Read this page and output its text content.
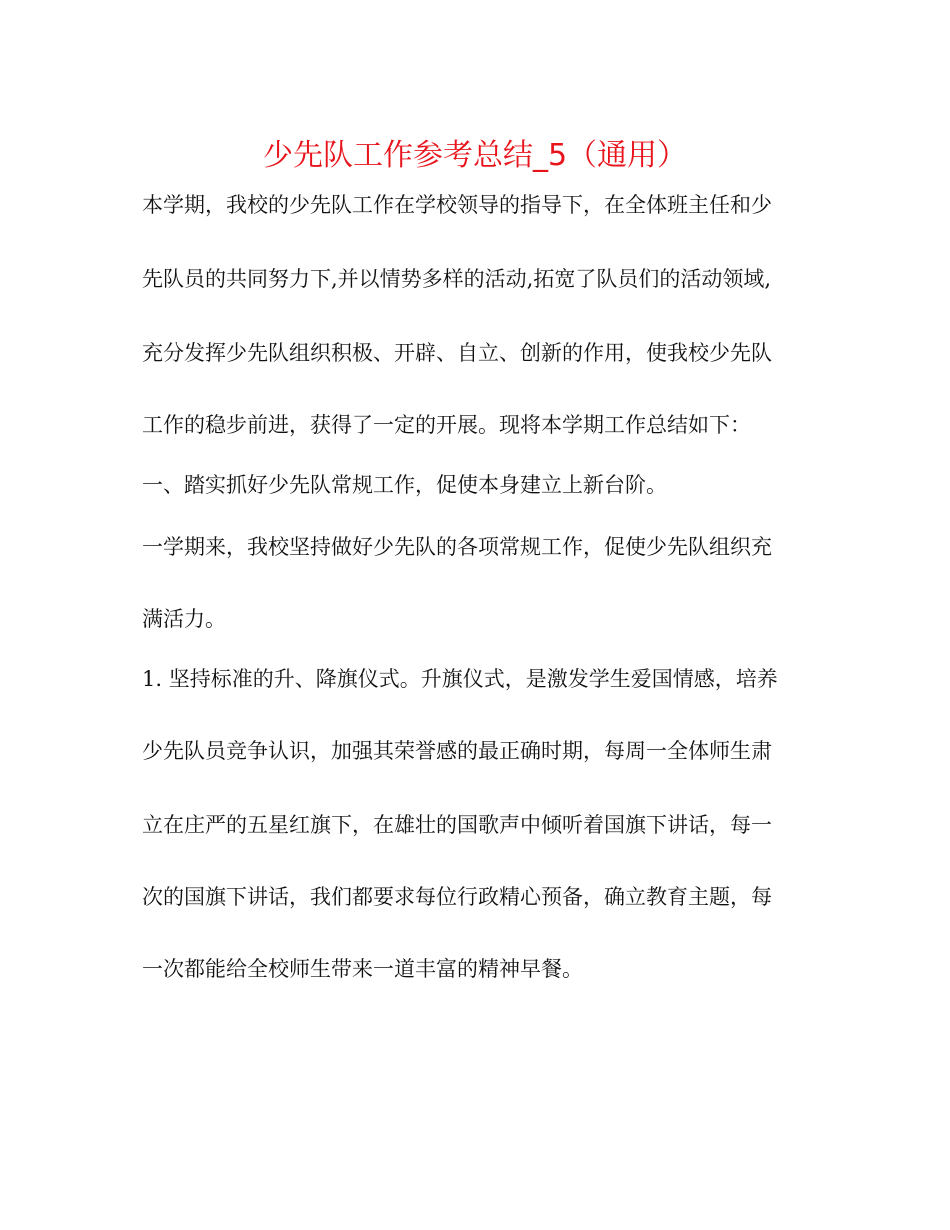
少先队工作参考总结_5（通用）
本学期，我校的少先队工作在学校领导的指导下，在全体班主任和少
先队员的共同努力下,并以情势多样的活动,拓宽了队员们的活动领域,
充分发挥少先队组织积极、开辟、自立、创新的作用，使我校少先队
工作的稳步前进，获得了一定的开展。现将本学期工作总结如下：
一、踏实抓好少先队常规工作，促使本身建立上新台阶。
一学期来，我校坚持做好少先队的各项常规工作，促使少先队组织充
满活力。
1. 坚持标准的升、降旗仪式。升旗仪式，是激发学生爱国情感，培养
少先队员竞争认识，加强其荣誉感的最正确时期，每周一全体师生肃
立在庄严的五星红旗下，在雄壮的国歌声中倾听着国旗下讲话，每一
次的国旗下讲话，我们都要求每位行政精心预备，确立教育主题，每
一次都能给全校师生带来一道丰富的精神早餐。
